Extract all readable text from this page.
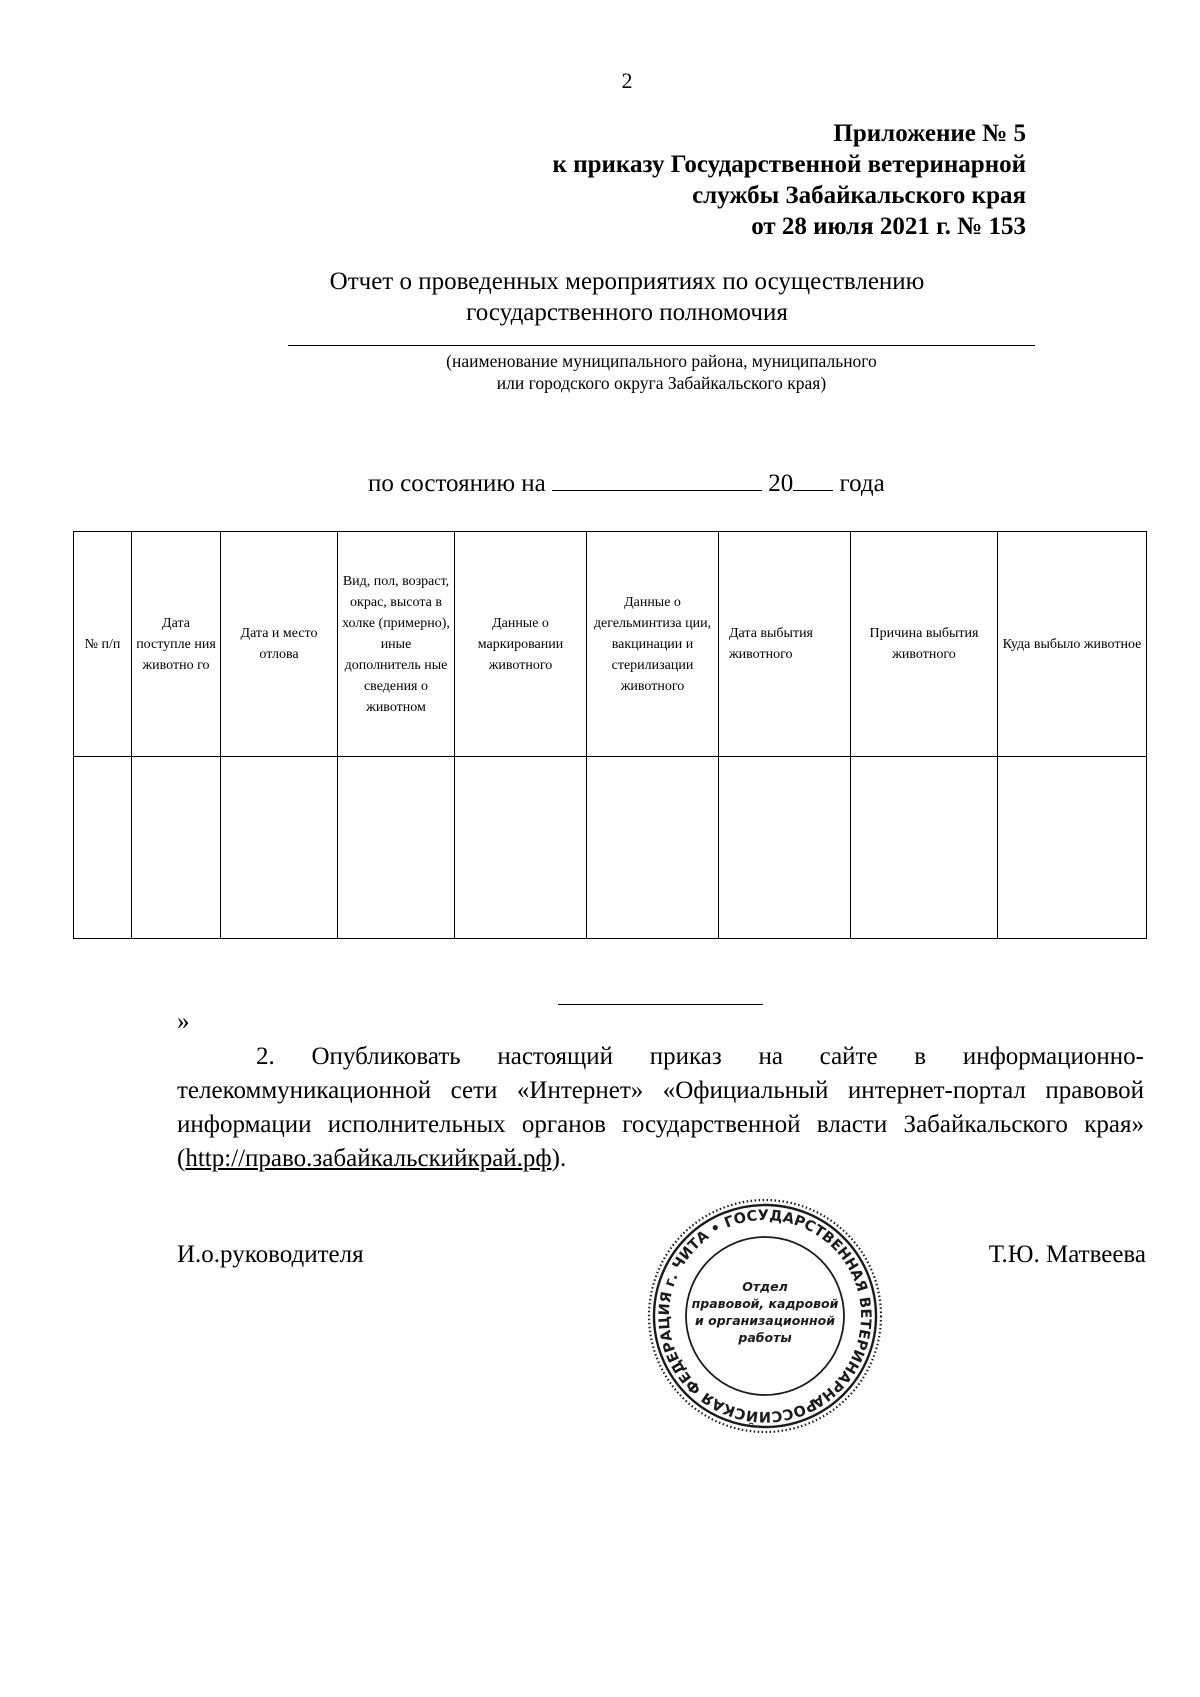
2
Приложение № 5
к приказу Государственной ветеринарной
службы Забайкальского края
от 28 июля 2021 г. № 153
Отчет о проведенных мероприятиях по осуществлению
государственного полномочия
(наименование муниципального района, муниципального
или городского округа Забайкальского края)
по состоянию на	20 года
№ п/п	Дата поступле ния животно го	Дата и место отлова	Вид, пол, возраст, окрас, высота в холке (примерно), иные дополнитель ные сведения о животном	Данные о маркировании животного	Данные о дегельминтиза ции, вакцинации и стерилизации животного	Дата выбытия животного	Причина выбытия животного	Куда выбыло животное

»
2. Опубликовать настоящий приказ на сайте в информационно-телекоммуникационной сети «Интернет» «Официальный интернет-портал правовой информации исполнительных органов государственной власти Забайкальского края» (http://право.забайкальскийкрай.рф).
И.о.руководителя	Т.Ю. Матвеева
РОССИЙСКАЯ ФЕДЕРАЦИЯ г. ЧИТА • ГОСУДАРСТВЕННАЯ ВЕТЕРИНАРНАЯ
Отдел
правовой, кадровой
и организационной
работы
